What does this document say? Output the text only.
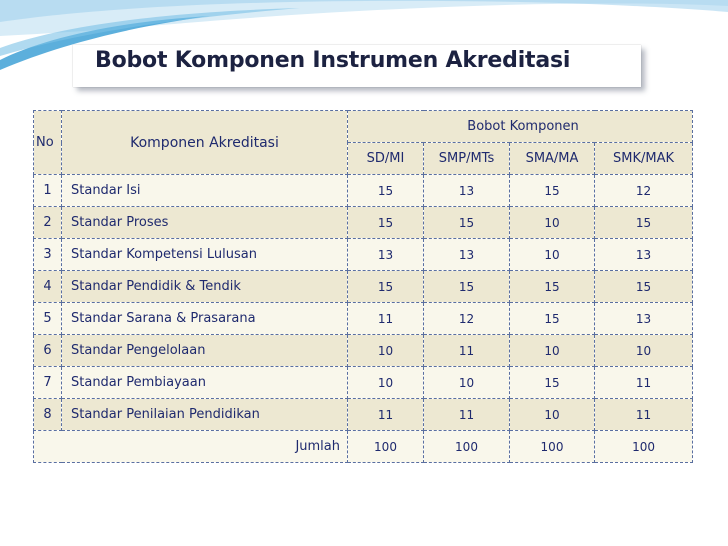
Bobot Komponen Instrumen Akreditasi
No	Komponen Akreditasi	Bobot Komponen			
		SD/MI	SMP/MTs	SMA/MA	SMK/MAK
1	Standar Isi	15	13	15	12
2	Standar Proses	15	15	10	15
3	Standar Kompetensi Lulusan	13	13	10	13
4	Standar Pendidik & Tendik	15	15	15	15
5	Standar Sarana & Prasarana	11	12	15	13
6	Standar Pengelolaan	10	11	10	10
7	Standar Pembiayaan	10	10	15	11
8	Standar Penilaian Pendidikan	11	11	10	11
Jumlah		100	100	100	100
